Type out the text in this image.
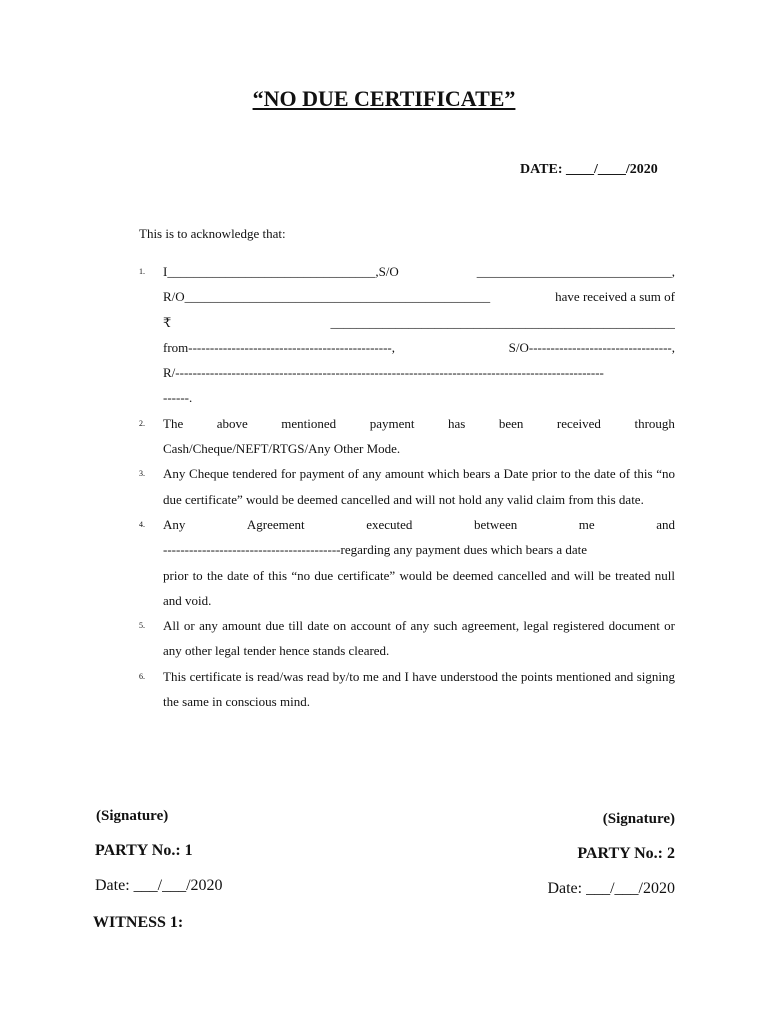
“NO DUE CERTIFICATE”
DATE: ____/____/2020
This is to acknowledge that:
1.	I________________________________,S/O	______________________________,
R/O_______________________________________________	have received a sum of
₹	_____________________________________________________
from-----------------------------------------------,	S/O---------------------------------,
R/---------------------------------------------------------------------------------------------------
------.
2.	The	above	mentioned	payment	has	been	received	through
Cash/Cheque/NEFT/RTGS/Any Other Mode.
3.	Any Cheque tendered for payment of any amount which bears a Date prior to the date of this “no due certificate” would be deemed cancelled and will not hold any valid claim from this date.
4.	Any	Agreement	executed	between	me	and
-----------------------------------------regarding any payment dues which bears a date
prior to the date of this “no due certificate” would be deemed cancelled and will be treated null and void.
5.	All or any amount due till date on account of any such agreement, legal registered document or any other legal tender hence stands cleared.
6.	This certificate is read/was read by/to me and I have understood the points mentioned and signing the same in conscious mind.
(Signature)
PARTY No.: 1
Date: ___/___/2020
WITNESS 1:
(Signature)
PARTY No.: 2
Date: ___/___/2020
